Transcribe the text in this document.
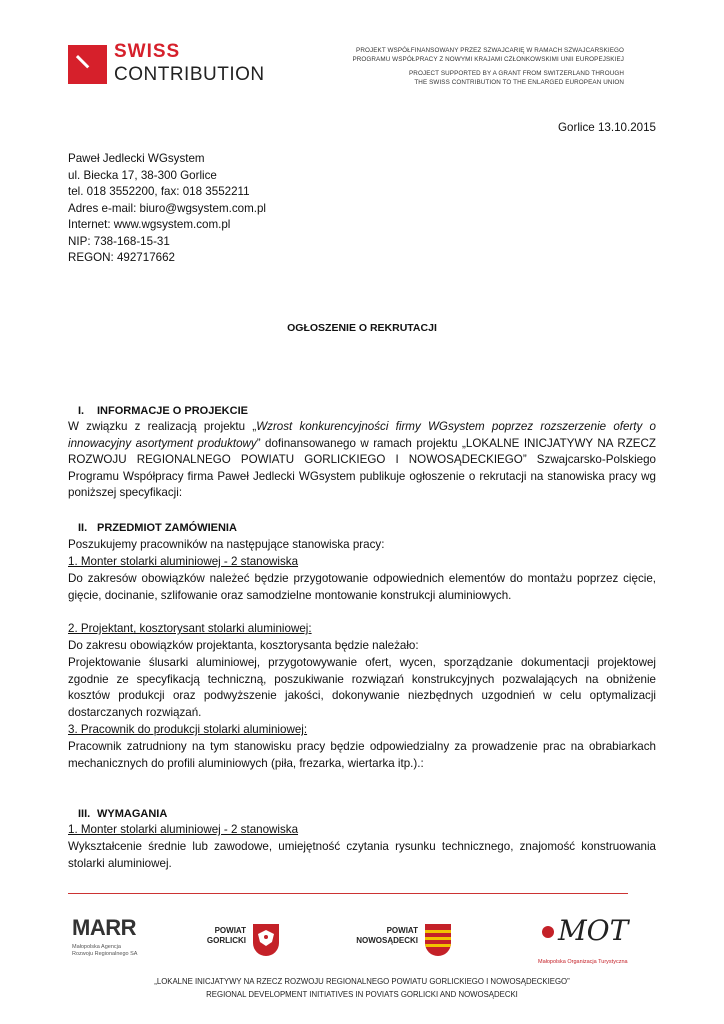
SWISS
CONTRIBUTION
PROJEKT WSPÓŁFINANSOWANY PRZEZ SZWAJCARIĘ W RAMACH SZWAJCARSKIEGO
PROGRAMU WSPÓŁPRACY Z NOWYMI KRAJAMI CZŁONKOWSKIMI UNII EUROPEJSKIEJ
PROJECT SUPPORTED BY A GRANT FROM SWITZERLAND THROUGH
THE SWISS CONTRIBUTION TO THE ENLARGED EUROPEAN UNION
Gorlice 13.10.2015
Paweł Jedlecki WGsystem
ul. Biecka 17, 38-300 Gorlice
tel. 018 3552200, fax: 018 3552211
Adres e-mail: biuro@wgsystem.com.pl
Internet: www.wgsystem.com.pl
NIP: 738-168-15-31
REGON: 492717662
OGŁOSZENIE O REKRUTACJI
I. INFORMACJE O PROJEKCIE
W związku z realizacją projektu „Wzrost konkurencyjności firmy WGsystem poprzez rozszerzenie oferty o innowacyjny asortyment produktowy” dofinansowanego w ramach projektu „LOKALNE INICJATYWY NA RZECZ ROZWOJU REGIONALNEGO POWIATU GORLICKIEGO I NOWOSĄDECKIEGO” Szwajcarsko-Polskiego Programu Współpracy firma Paweł Jedlecki WGsystem publikuje ogłoszenie o rekrutacji na stanowiska pracy wg poniższej specyfikacji:
II. PRZEDMIOT ZAMÓWIENIA
Poszukujemy pracowników na następujące stanowiska pracy:
1. Monter stolarki aluminiowej - 2 stanowiska
Do zakresów obowiązków należeć będzie przygotowanie odpowiednich elementów do montażu poprzez cięcie, gięcie, docinanie, szlifowanie oraz samodzielne montowanie konstrukcji aluminiowych.
2. Projektant, kosztorysant stolarki aluminiowej:
Do zakresu obowiązków projektanta, kosztorysanta będzie należało:
Projektowanie ślusarki aluminiowej, przygotowywanie ofert, wycen, sporządzanie dokumentacji projektowej zgodnie ze specyfikacją techniczną, poszukiwanie rozwiązań konstrukcyjnych pozwalających na obniżenie kosztów produkcji oraz podwyższenie jakości, dokonywanie niezbędnych uzgodnień w celu optymalizacji dostarczanych rozwiązań.
3. Pracownik do produkcji stolarki aluminiowej:
Pracownik zatrudniony na tym stanowisku pracy będzie odpowiedzialny za prowadzenie prac na obrabiarkach mechanicznych do profili aluminiowych (piła, frezarka, wiertarka itp.).:
III. WYMAGANIA
1. Monter stolarki aluminiowej - 2 stanowiska
Wykształcenie średnie lub zawodowe, umiejętność czytania rysunku technicznego, znajomość konstruowania stolarki aluminiowej.
MARR
Małopolska Agencja
Rozwoju Regionalnego SA
POWIAT
GORLICKI
POWIAT
NOWOSĄDECKI	MOT
Małopolska Organizacja Turystyczna
„LOKALNE INICJATYWY NA RZECZ ROZWOJU REGIONALNEGO POWIATU GORLICKIEGO I NOWOSĄDECKIEGO”
REGIONAL DEVELOPMENT INITIATIVES IN POVIATS GORLICKI AND NOWOSĄDECKI
